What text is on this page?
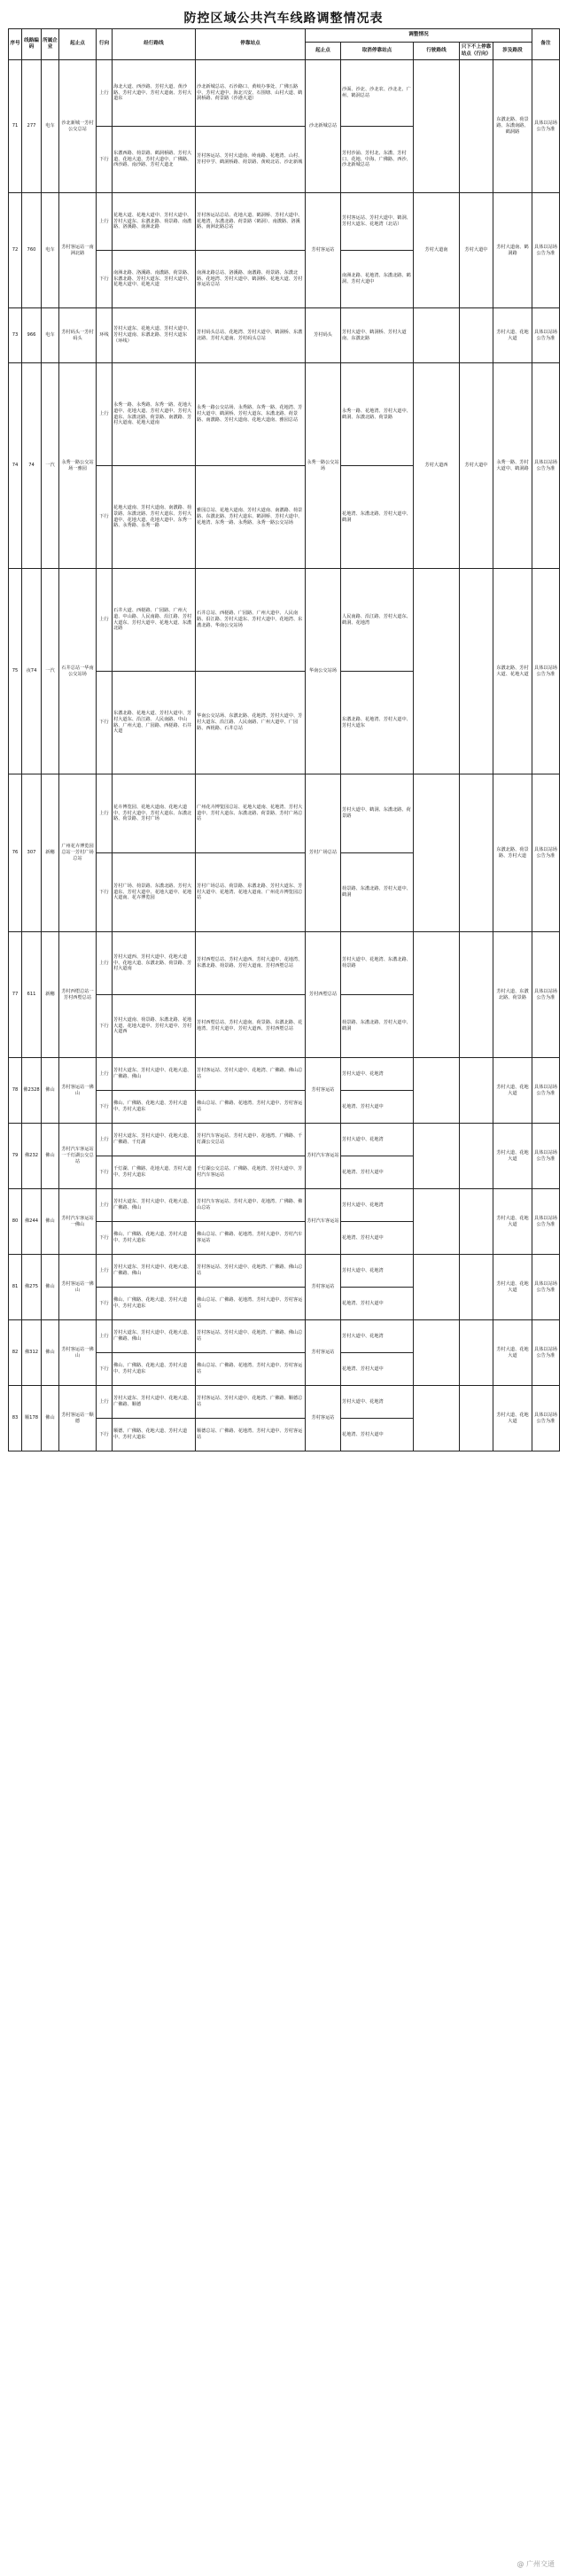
防控区域公共汽车线路调整情况表
序号	线路编码	所属企业	起止点	行向	经行路线	停靠站点	调整情况					备注
							起止点	取消停靠站点	行驶路线	只下不上停靠站点（行向）	涉及路段	
71	277	电车	沙北新城一芳村公交总站	上行	海北大道、西沙路、芳村大道、黄沙路、芳村大道中、芳村大道南、芳村大道东	沙北新城总站、石沙路口、黄岐办事处、广佛五路中、芳村大道中、海北兴安、石围塘、山村大道、鹤洞桥路、荷景路（沙港大道）	沙北新城总站	沙面、沙北、沙北农、沙北北、广州、鹤洞总站			东漖北路、荷景路、东漖南路、鹤洞路	具体以站场公告为准
				下行	东漖西路、荷景路、鹤洞桥路、芳村大道、花地大道、芳村大道中、广佛路、西沙路、南沙路、芳村大道北	芳村客运站、芳村大道南、岭南路、花地湾、山村、芳村中学、鹤洞桥路、荷景路、黄岐北站、沙北新城		芳村沙涌、芳村北、东漖、芳村口、花地、中海、广佛路、西沙、沙北新城总站				
72	760	电车	芳村客运站一南洲北路	上行	花地大道、花地大道中、芳村大道中、芳村大道东、东漖北路、荷景路、南漖路、洛溪路、南洲北路	芳村客运站总站、花地大道、鹤洞桥、芳村大道中、花地湾、东漖北路、荷景路（鹤洞）、南漖路、洛溪路、南洲北路总站	芳村客运站	芳村客运站、芳村大道中、鹤洞、芳村大道东、花地湾（北站）	芳村大道南	芳村大道中	芳村大道南、鹤洞路	具体以站场公告为准
				下行	南洲北路、洛溪路、南漖路、荷景路、东漖北路、芳村大道东、芳村大道中、花地大道中、花地大道	南洲北路总站、洛溪路、南漖路、荷景路、东漖北路、花地湾、芳村大道中、鹤洞桥、花地大道、芳村客运站总站		南洲北路、花地湾、东漖北路、鹤洞、芳村大道中				
73	966	电车	芳村码头一芳村码头	环线	芳村大道东、花地大道、芳村大道中、芳村大道南、东漖北路、芳村大道东（环线）	芳村码头总站、花地湾、芳村大道中、鹤洞桥、东漖北路、芳村大道南、芳村码头总站	芳村码头	芳村大道中、鹤洞桥、芳村大道南、东漖北路			芳村大道、花地大道	具体以站场公告为准
74	74	一汽	永秀一路公交站场一雅园	上行	永秀一路、永秀路、东秀一路、花地大道中、花地大道、芳村大道中、芳村大道东、东漖北路、荷景路、南漖路、芳村大道南、花地大道南	永秀一路公交站场、永秀路、东秀一路、花地湾、芳村大道中、鹤洞桥、芳村大道东、东漖北路、荷景路、南漖路、芳村大道南、花地大道南、雅园总站	永秀一路公交站场	永秀一路、花地湾、芳村大道中、鹤洞、东漖北路、荷景路	芳村大道西	芳村大道中	永秀一路、芳村大道中、鹤洞路	具体以站场公告为准
				下行	花地大道南、芳村大道南、南漖路、荷景路、东漖北路、芳村大道东、芳村大道中、花地大道、花地大道中、东秀一路、永秀路、永秀一路	雅园总站、花地大道南、芳村大道南、南漖路、荷景路、东漖北路、芳村大道东、鹤洞桥、芳村大道中、花地湾、东秀一路、永秀路、永秀一路公交站场		花地湾、东漖北路、芳村大道中、鹤洞				
75	夜74	一汽	石井总站一华南公交站场	上行	石井大道、西槎路、广园路、广州大道、中山路、人民南路、沿江路、芳村大道东、芳村大道中、花地大道、东漖北路	石井总站、西槎路、广园路、广州大道中、人民南路、沿江路、芳村大道东、芳村大道中、花地湾、东漖北路、华南公交站场	华南公交站场	人民南路、沿江路、芳村大道东、鹤洞、花地湾			东漖北路、芳村大道、花地大道	具体以站场公告为准
				下行	东漖北路、花地大道、芳村大道中、芳村大道东、沿江路、人民南路、中山路、广州大道、广园路、西槎路、石井大道	华南公交站场、东漖北路、花地湾、芳村大道中、芳村大道东、沿江路、人民南路、广州大道中、广园路、西槎路、石井总站		东漖北路、花地湾、芳村大道中、芳村大道东				
76	307	新穗	广州花卉博览园总站一芳村广场总站	上行	花卉博览园、花地大道南、花地大道中、芳村大道中、芳村大道东、东漖北路、荷景路、芳村广场	广州花卉博览园总站、花地大道南、花地湾、芳村大道中、芳村大道东、东漖北路、荷景路、芳村广场总站	芳村广场总站	芳村大道中、鹤洞、东漖北路、荷景路			东漖北路、荷景路、芳村大道	具体以站场公告为准
				下行	芳村广场、荷景路、东漖北路、芳村大道东、芳村大道中、花地大道中、花地大道南、花卉博览园	芳村广场总站、荷景路、东漖北路、芳村大道东、芳村大道中、花地湾、花地大道南、广州花卉博览园总站		荷景路、东漖北路、芳村大道中、鹤洞				
77	611	新穗	芳村西塱总站一芳村西塱总站	上行	芳村大道西、芳村大道中、花地大道中、花地大道、东漖北路、荷景路、芳村大道南	芳村西塱总站、芳村大道西、芳村大道中、花地湾、东漖北路、荷景路、芳村大道南、芳村西塱总站	芳村西塱总站	芳村大道中、花地湾、东漖北路、荷景路			芳村大道、东漖北路、荷景路	具体以站场公告为准
				下行	芳村大道南、荷景路、东漖北路、花地大道、花地大道中、芳村大道中、芳村大道西	芳村西塱总站、芳村大道南、荷景路、东漖北路、花地湾、芳村大道中、芳村大道西、芳村西塱总站		荷景路、东漖北路、芳村大道中、鹤洞				
78	佛2328	佛山	芳村客运站一佛山	上行	芳村大道东、芳村大道中、花地大道、广佛路、佛山	芳村客运站、芳村大道中、花地湾、广佛路、佛山总站	芳村客运站	芳村大道中、花地湾			芳村大道、花地大道	具体以站场公告为准
				下行	佛山、广佛路、花地大道、芳村大道中、芳村大道东	佛山总站、广佛路、花地湾、芳村大道中、芳村客运站		花地湾、芳村大道中				
79	佛232	佛山	芳村汽车客运站一千灯湖公交总站	上行	芳村大道东、芳村大道中、花地大道、广佛路、千灯湖	芳村汽车客运站、芳村大道中、花地湾、广佛路、千灯湖公交总站	芳村汽车客运站	芳村大道中、花地湾			芳村大道、花地大道	具体以站场公告为准
				下行	千灯湖、广佛路、花地大道、芳村大道中、芳村大道东	千灯湖公交总站、广佛路、花地湾、芳村大道中、芳村汽车客运站		花地湾、芳村大道中				
80	佛244	佛山	芳村汽车客运站一佛山	上行	芳村大道东、芳村大道中、花地大道、广佛路、佛山	芳村汽车客运站、芳村大道中、花地湾、广佛路、佛山总站	芳村汽车客运站	芳村大道中、花地湾			芳村大道、花地大道	具体以站场公告为准
				下行	佛山、广佛路、花地大道、芳村大道中、芳村大道东	佛山总站、广佛路、花地湾、芳村大道中、芳村汽车客运站		花地湾、芳村大道中				
81	佛275	佛山	芳村客运站一佛山	上行	芳村大道东、芳村大道中、花地大道、广佛路、佛山	芳村客运站、芳村大道中、花地湾、广佛路、佛山总站	芳村客运站	芳村大道中、花地湾			芳村大道、花地大道	具体以站场公告为准
				下行	佛山、广佛路、花地大道、芳村大道中、芳村大道东	佛山总站、广佛路、花地湾、芳村大道中、芳村客运站		花地湾、芳村大道中				
82	佛312	佛山	芳村客运站一佛山	上行	芳村大道东、芳村大道中、花地大道、广佛路、佛山	芳村客运站、芳村大道中、花地湾、广佛路、佛山总站	芳村客运站	芳村大道中、花地湾			芳村大道、花地大道	具体以站场公告为准
				下行	佛山、广佛路、花地大道、芳村大道中、芳村大道东	佛山总站、广佛路、花地湾、芳村大道中、芳村客运站		花地湾、芳村大道中				
83	顺178	佛山	芳村客运站一顺德	上行	芳村大道东、芳村大道中、花地大道、广佛路、顺德	芳村客运站、芳村大道中、花地湾、广佛路、顺德总站	芳村客运站	芳村大道中、花地湾			芳村大道、花地大道	具体以站场公告为准
				下行	顺德、广佛路、花地大道、芳村大道中、芳村大道东	顺德总站、广佛路、花地湾、芳村大道中、芳村客运站		花地湾、芳村大道中				
@ 广州交通
